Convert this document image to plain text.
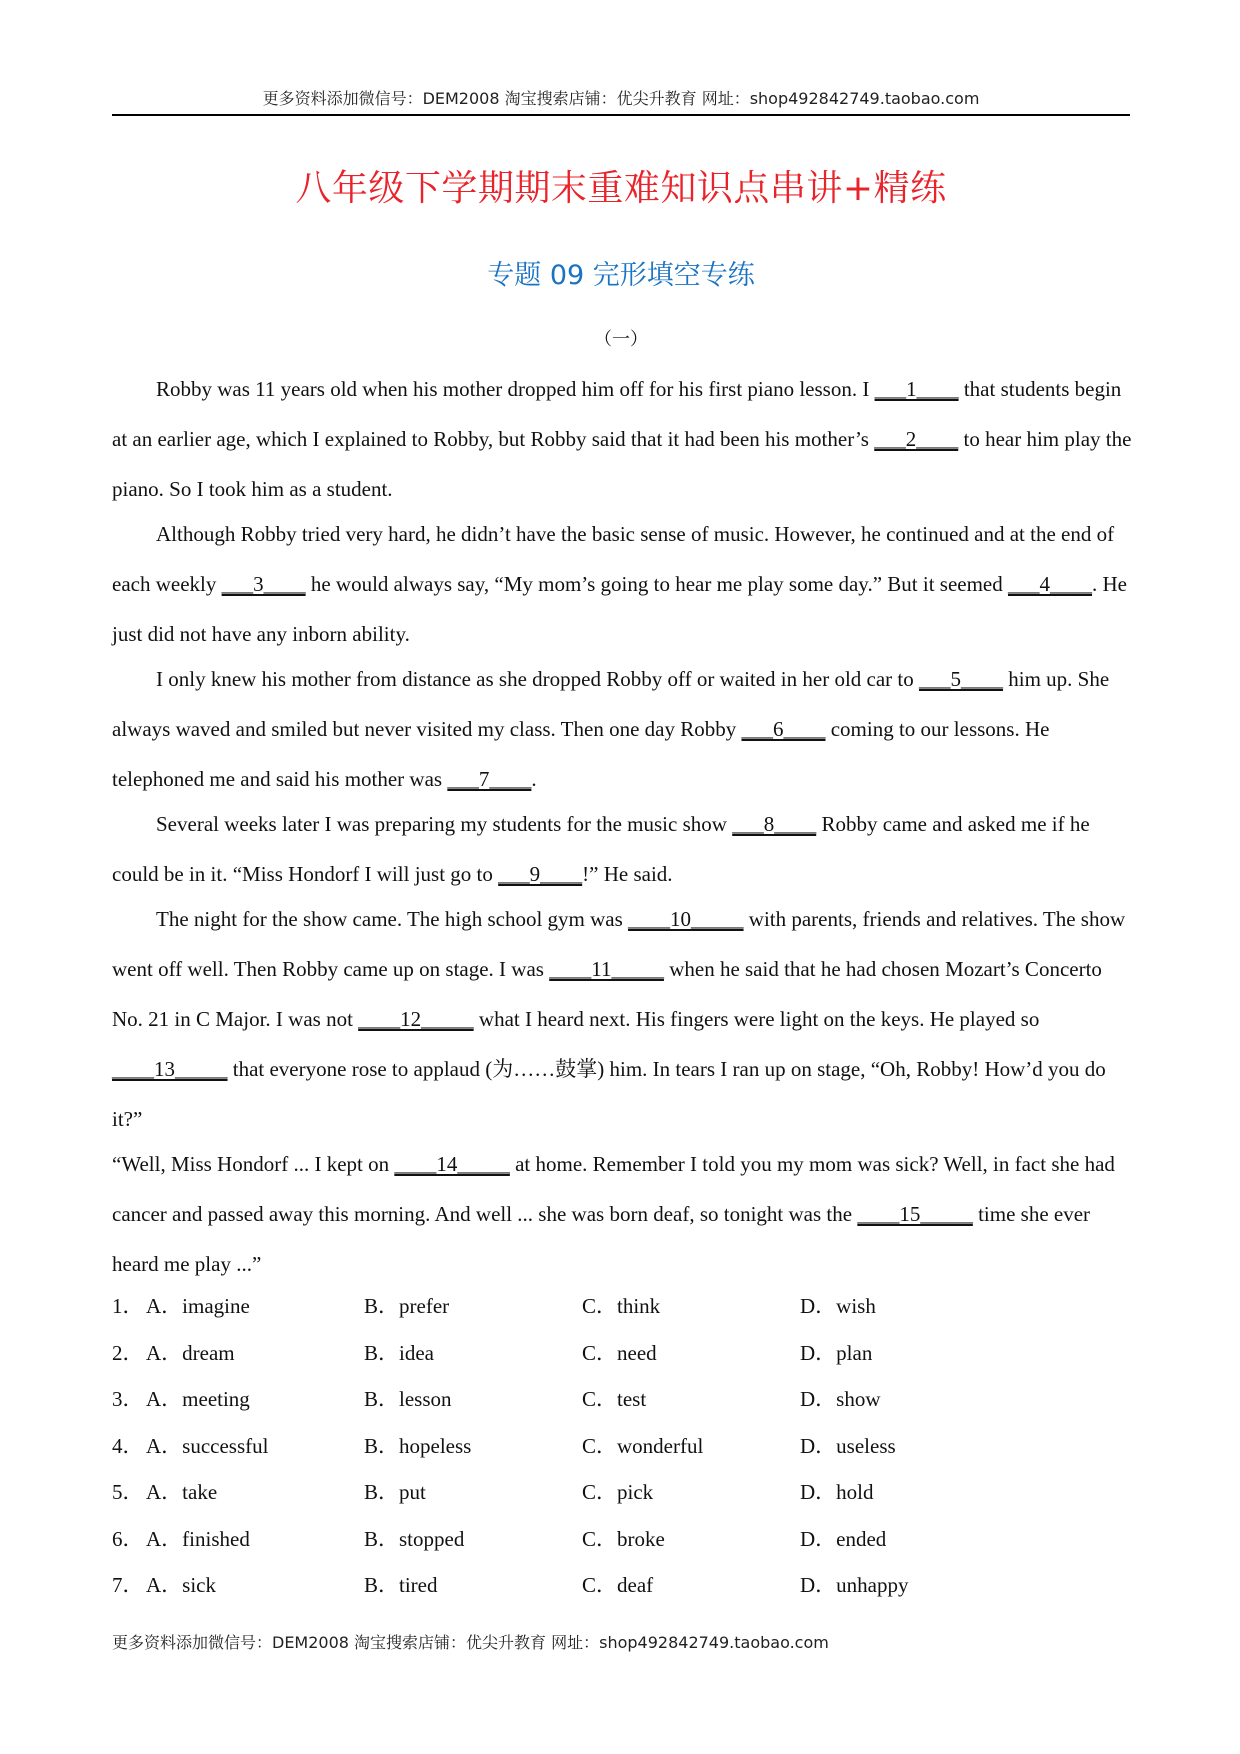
更多资料添加微信号：DEM2008 淘宝搜索店铺：优尖升教育 网址：shop492842749.taobao.com
八年级下学期期末重难知识点串讲+精练
专题 09 完形填空专练
（一）

Robby was 11 years old when his mother dropped him off for his first piano lesson. I ___1____ that students begin at an earlier age, which I explained to Robby, but Robby said that it had been his mother’s ___2____ to hear him play the piano. So I took him as a student.

Although Robby tried very hard, he didn’t have the basic sense of music. However, he continued and at the end of each weekly ___3____ he would always say, “My mom’s going to hear me play some day.” But it seemed ___4____. He just did not have any inborn ability.

I only knew his mother from distance as she dropped Robby off or waited in her old car to ___5____ him up. She always waved and smiled but never visited my class. Then one day Robby ___6____ coming to our lessons. He telephoned me and said his mother was ___7____.

Several weeks later I was preparing my students for the music show ___8____ Robby came and asked me if he could be in it. “Miss Hondorf I will just go to ___9____!” He said.

The night for the show came. The high school gym was ____10_____ with parents, friends and relatives. The show went off well. Then Robby came up on stage. I was ____11_____ when he said that he had chosen Mozart’s Concerto No. 21 in C Major. I was not ____12_____ what I heard next. His fingers were light on the keys. He played so ____13_____ that everyone rose to applaud (为……鼓掌) him. In tears I ran up on stage, “Oh, Robby! How’d you do it?”

“Well, Miss Hondorf ... I kept on ____14_____ at home. Remember I told you my mom was sick? Well, in fact she had cancer and passed away this morning. And well ... she was born deaf, so tonight was the ____15_____ time she ever heard me play ...”

1． A．imagine	B．prefer	C．think	D．wish
2． A．dream	B．idea	C．need	D．plan
3． A．meeting	B．lesson	C．test	D．show
4． A．successful	B．hopeless	C．wonderful	D．useless
5． A．take	B．put	C．pick	D．hold
6． A．finished	B．stopped	C．broke	D．ended
7． A．sick	B．tired	C．deaf	D．unhappy
更多资料添加微信号：DEM2008 淘宝搜索店铺：优尖升教育 网址：shop492842749.taobao.com
